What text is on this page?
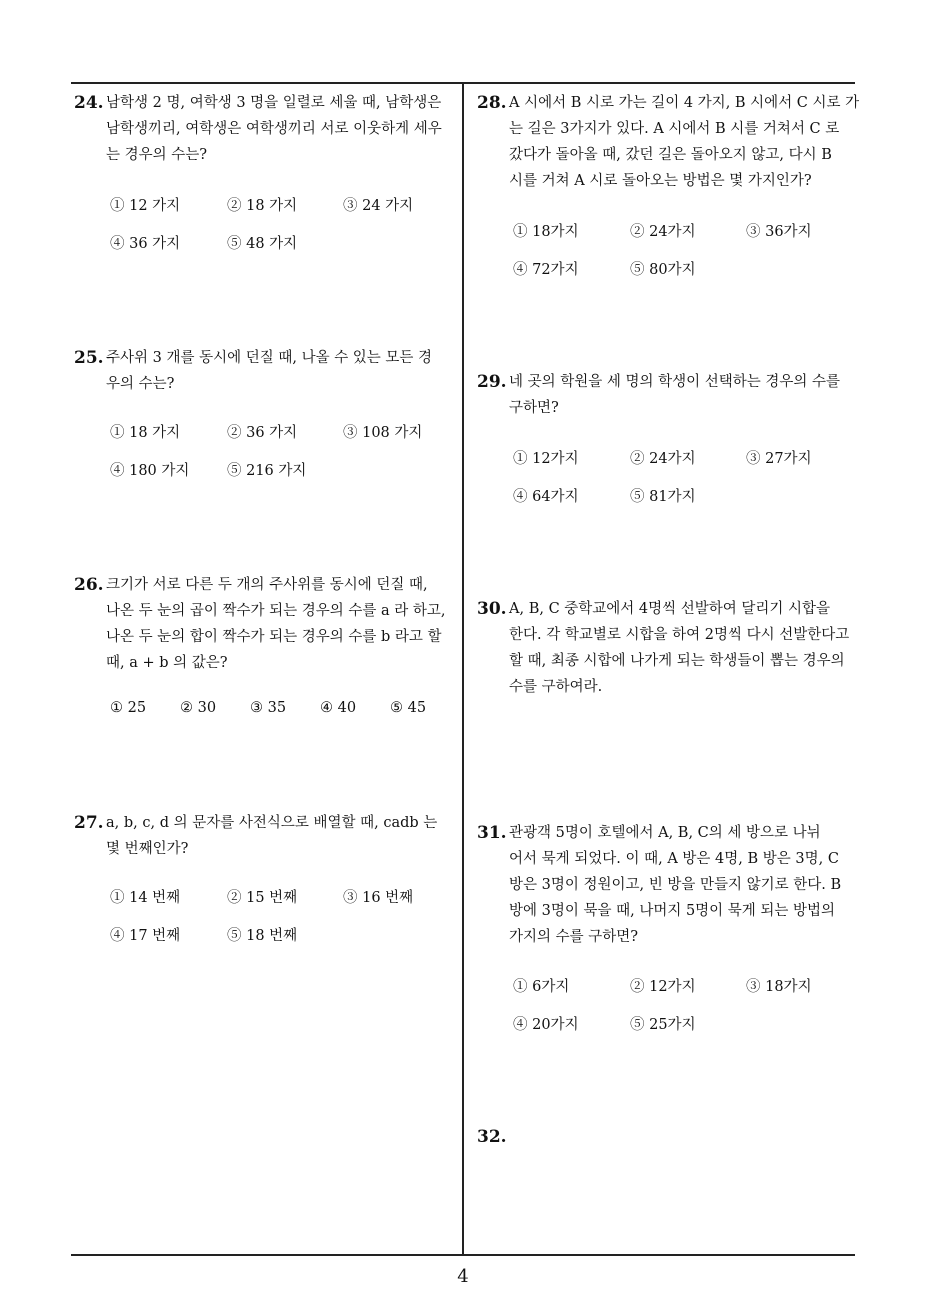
24. 남학생 2 명, 여학생 3 명을 일렬로 세울 때, 남학생은
남학생끼리, 여학생은 여학생끼리 서로 이웃하게 세우
는 경우의 수는?
① 12 가지	② 18 가지	③ 24 가지
④ 36 가지	⑤ 48 가지
25. 주사위 3 개를 동시에 던질 때, 나올 수 있는 모든 경
우의 수는?
① 18 가지	② 36 가지	③ 108 가지
④ 180 가지	⑤ 216 가지
26. 크기가 서로 다른 두 개의 주사위를 동시에 던질 때,
나온 두 눈의 곱이 짝수가 되는 경우의 수를 a 라 하고,
나온 두 눈의 합이 짝수가 되는 경우의 수를 b 라고 할
때, a + b 의 값은?
① 25 ② 30 ③ 35 ④ 40 ⑤ 45
27. a, b, c, d 의 문자를 사전식으로 배열할 때, cadb 는
몇 번째인가?
① 14 번째	② 15 번째	③ 16 번째
④ 17 번째	⑤ 18 번째
28. A 시에서 B 시로 가는 길이 4 가지, B 시에서 C 시로 가
는 길은 3가지가 있다. A 시에서 B 시를 거쳐서 C 로
갔다가 돌아올 때, 갔던 길은 돌아오지 않고, 다시 B
시를 거쳐 A 시로 돌아오는 방법은 몇 가지인가?
① 18가지	② 24가지	③ 36가지
④ 72가지	⑤ 80가지
29. 네 곳의 학원을 세 명의 학생이 선택하는 경우의 수를
구하면?
① 12가지	② 24가지	③ 27가지
④ 64가지	⑤ 81가지
30. A, B, C 중학교에서 4명씩 선발하여 달리기 시합을
한다. 각 학교별로 시합을 하여 2명씩 다시 선발한다고
할 때, 최종 시합에 나가게 되는 학생들이 뽑는 경우의
수를 구하여라.
31. 관광객 5명이 호텔에서 A, B, C의 세 방으로 나뉘
어서 묵게 되었다. 이 때, A 방은 4명, B 방은 3명, C
방은 3명이 정원이고, 빈 방을 만들지 않기로 한다. B
방에 3명이 묵을 때, 나머지 5명이 묵게 되는 방법의
가지의 수를 구하면?
① 6가지	② 12가지	③ 18가지
④ 20가지	⑤ 25가지
32.
4
